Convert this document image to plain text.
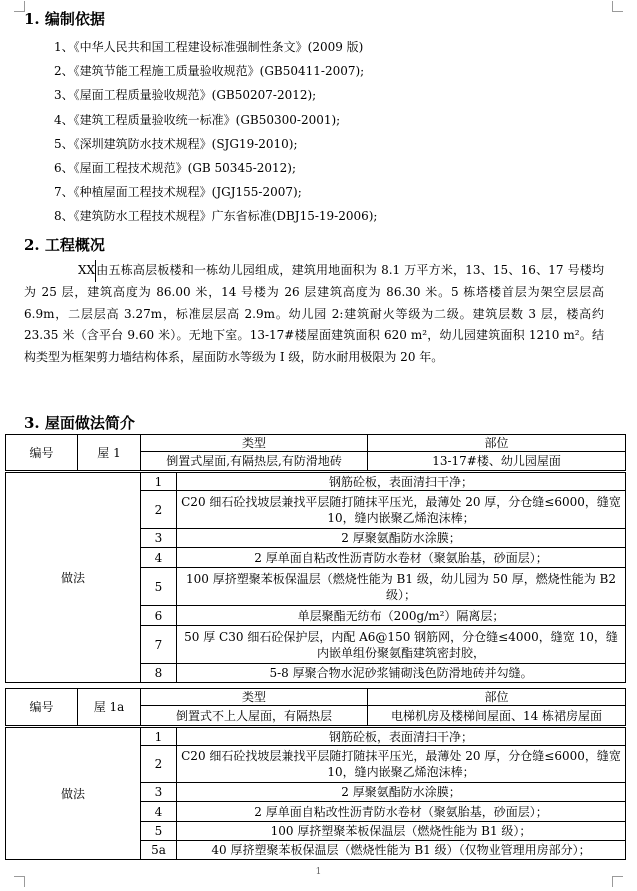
1. 编制依据
1、《中华人民共和国工程建设标准强制性条文》(2009 版)
2、《建筑节能工程施工质量验收规范》(GB50411-2007);
3、《屋面工程质量验收规范》(GB50207-2012);
4、《建筑工程质量验收统一标准》(GB50300-2001);
5、《深圳建筑防水技术规程》(SJG19-2010);
6、《屋面工程技术规范》(GB 50345-2012);
7、《种植屋面工程技术规程》(JGJ155-2007);
8、《建筑防水工程技术规程》广东省标准(DBJ15-19-2006);
2. 工程概况

XX由五栋高层板楼和一栋幼儿园组成，建筑用地面积为 8.1 万平方米，13、15、16、17 号楼均为 25 层，建筑高度为 86.00 米，14 号楼为 26 层建筑高度为 86.30 米。5 栋塔楼首层为架空层层高 6.9m，二层层高 3.27m，标准层层高 2.9m。幼儿园 2:建筑耐火等级为二级。建筑层数 3 层，楼高约 23.35 米（含平台 9.60 米）。无地下室。13-17#楼屋面建筑面积 620 m²，幼儿园建筑面积 1210 m²。结构类型为框架剪力墙结构体系，屋面防水等级为 I 级，防水耐用极限为 20 年。

3. 屋面做法简介
编号	屋 1	类型		部位
		倒置式屋面,有隔热层,有防滑地砖		13-17#楼、幼儿园屋面
做法		1	钢筋砼板，表面清扫干净；	
		2	C20 细石砼找坡层兼找平层随打随抹平压光，最薄处 20 厚，分仓缝≤6000，缝宽 10，缝内嵌聚乙烯泡沫棒；	
		3	2 厚聚氨酯防水涂膜；	
		4	2 厚单面自粘改性沥青防水卷材（聚氨胎基，砂面层）；	
		5	100 厚挤塑聚苯板保温层（燃烧性能为 B1 级，幼儿园为 50 厚，燃烧性能为 B2 级）；	
		6	单层聚酯无纺布（200g/m²）隔离层；	
		7	50 厚 C30 细石砼保护层，内配 A6@150 钢筋网，分仓缝≤4000，缝宽 10，缝内嵌单组份聚氨酯建筑密封胶，	
		8	5-8 厚聚合物水泥砂浆铺砌浅色防滑地砖并勾缝。	
编号	屋 1a	类型		部位
		倒置式不上人屋面，有隔热层		电梯机房及楼梯间屋面、14 栋裙房屋面
做法		1	钢筋砼板，表面清扫干净；	
		2	C20 细石砼找坡层兼找平层随打随抹平压光，最薄处 20 厚，分仓缝≤6000，缝宽 10，缝内嵌聚乙烯泡沫棒；	
		3	2 厚聚氨酯防水涂膜；	
		4	2 厚单面自粘改性沥青防水卷材（聚氨胎基，砂面层）；	
		5	100 厚挤塑聚苯板保温层（燃烧性能为 B1 级）；	
		5a	40 厚挤塑聚苯板保温层（燃烧性能为 B1 级）（仅物业管理用房部分）；	
1
